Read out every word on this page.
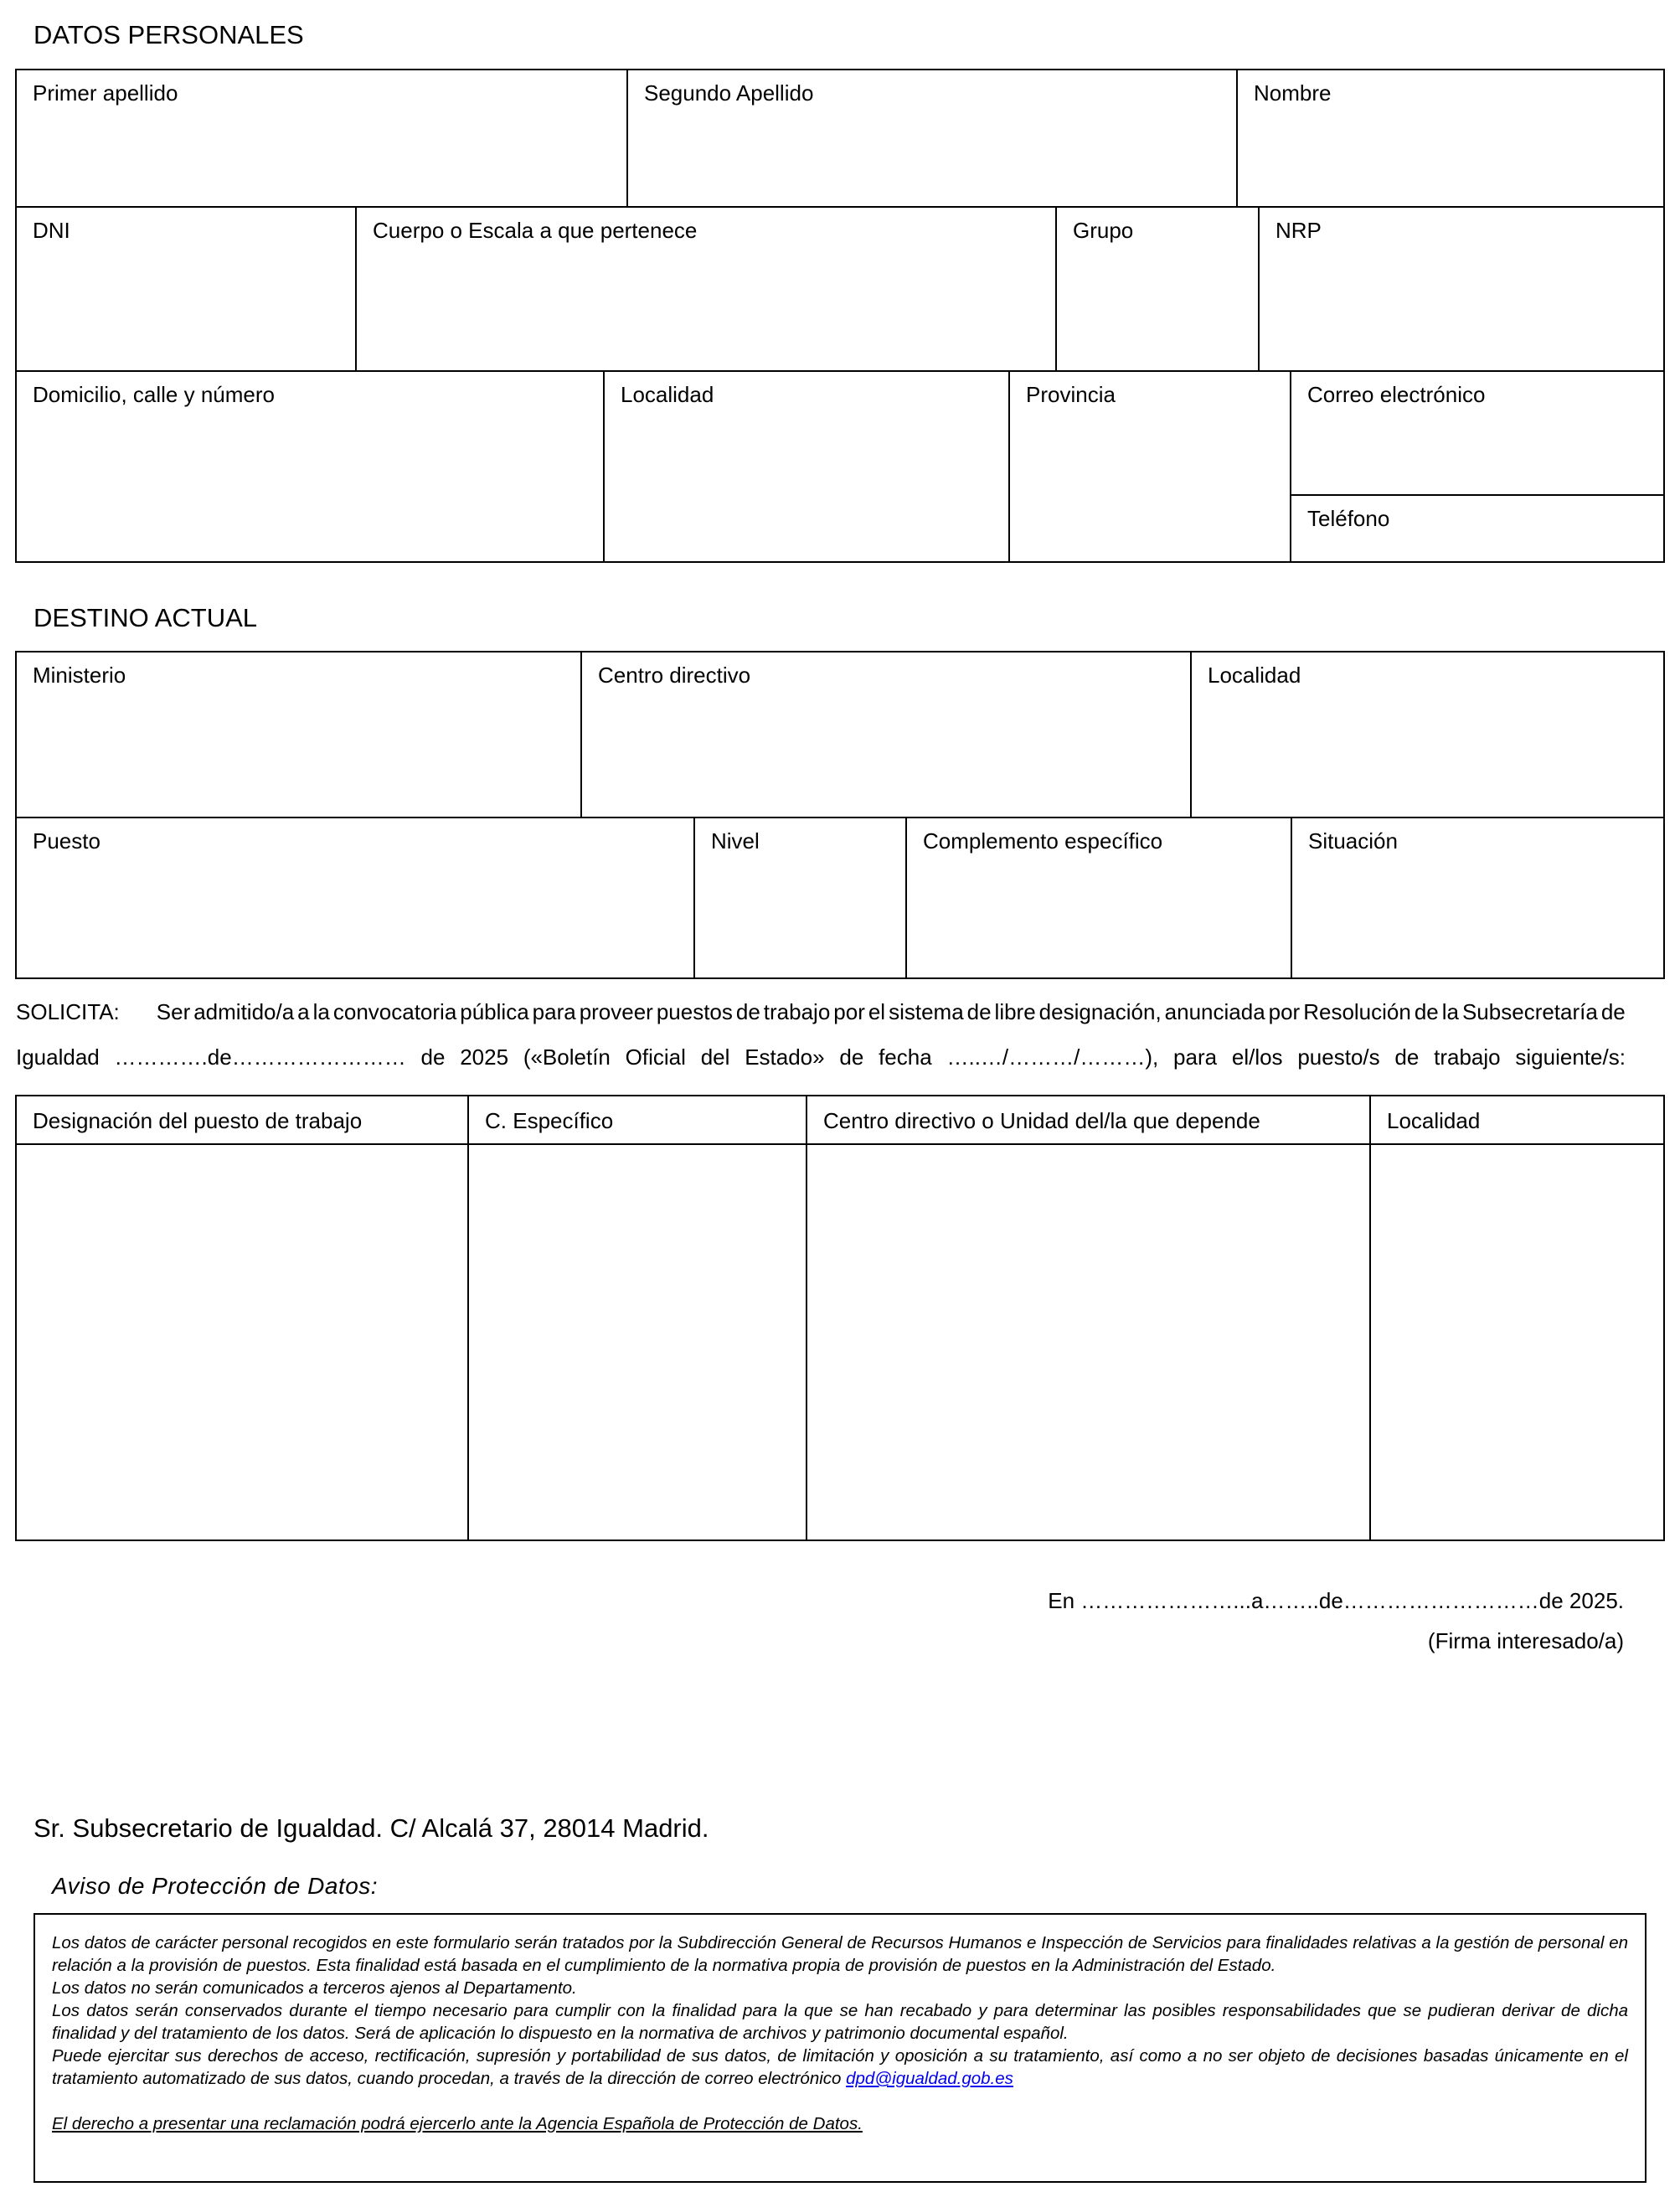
DATOS PERSONALES
Primer apellido	Segundo Apellido	Nombre
DNI	Cuerpo o Escala a que pertenece	Grupo	NRP
Domicilio, calle y número	Localidad	Provincia	Correo electrónico
Teléfono
DESTINO ACTUAL
Ministerio	Centro directivo	Localidad
Puesto	Nivel	Complemento específico	Situación
SOLICITA: Ser admitido/a a la convocatoria pública para proveer puestos de trabajo por el sistema de libre designación, anunciada por Resolución de la Subsecretaría de
Igualdad ………….de…………………… de 2025 («Boletín Oficial del Estado» de fecha …..…/………/………), para el/los puesto/s de trabajo siguiente/s:
Designación del puesto de trabajo	C. Específico	Centro directivo o Unidad del/la que depende	Localidad
En …………………...a……..de………………………de 2025.
(Firma interesado/a)
Sr. Subsecretario de Igualdad. C/ Alcalá 37, 28014 Madrid.
Aviso de Protección de Datos:

Los datos de carácter personal recogidos en este formulario serán tratados por la Subdirección General de Recursos Humanos e Inspección de Servicios para finalidades relativas a la gestión de personal en relación a la provisión de puestos. Esta finalidad está basada en el cumplimiento de la normativa propia de provisión de puestos en la Administración del Estado.

Los datos no serán comunicados a terceros ajenos al Departamento.

Los datos serán conservados durante el tiempo necesario para cumplir con la finalidad para la que se han recabado y para determinar las posibles responsabilidades que se pudieran derivar de dicha finalidad y del tratamiento de los datos. Será de aplicación lo dispuesto en la normativa de archivos y patrimonio documental español.

Puede ejercitar sus derechos de acceso, rectificación, supresión y portabilidad de sus datos, de limitación y oposición a su tratamiento, así como a no ser objeto de decisiones basadas únicamente en el tratamiento automatizado de sus datos, cuando procedan, a través de la dirección de correo electrónico dpd@igualdad.gob.es

El derecho a presentar una reclamación podrá ejercerlo ante la Agencia Española de Protección de Datos.
